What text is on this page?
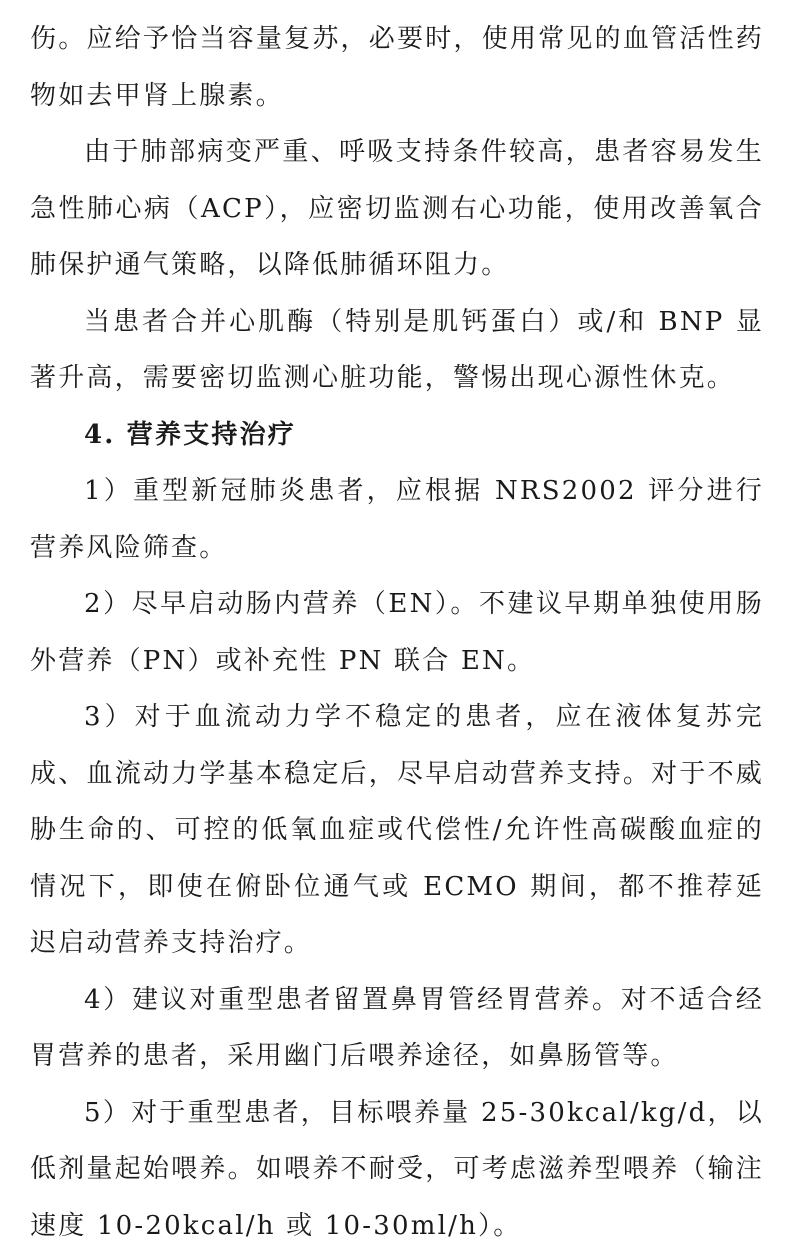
伤。应给予恰当容量复苏，必要时，使用常见的血管活性药物如去甲肾上腺素。

由于肺部病变严重、呼吸支持条件较高，患者容易发生急性肺心病（ACP），应密切监测右心功能，使用改善氧合肺保护通气策略，以降低肺循环阻力。

当患者合并心肌酶（特别是肌钙蛋白）或/和 BNP 显著升高，需要密切监测心脏功能，警惕出现心源性休克。

4. 营养支持治疗

1）重型新冠肺炎患者，应根据 NRS2002 评分进行营养风险筛查。

2）尽早启动肠内营养（EN）。不建议早期单独使用肠外营养（PN）或补充性 PN 联合 EN。

3）对于血流动力学不稳定的患者，应在液体复苏完成、血流动力学基本稳定后，尽早启动营养支持。对于不威胁生命的、可控的低氧血症或代偿性/允许性高碳酸血症的情况下，即使在俯卧位通气或 ECMO 期间，都不推荐延迟启动营养支持治疗。

4）建议对重型患者留置鼻胃管经胃营养。对不适合经胃营养的患者，采用幽门后喂养途径，如鼻肠管等。

5）对于重型患者，目标喂养量 25-30kcal/kg/d，以低剂量起始喂养。如喂养不耐受，可考虑滋养型喂养（输注速度 10-20kcal/h 或 10-30ml/h）。
